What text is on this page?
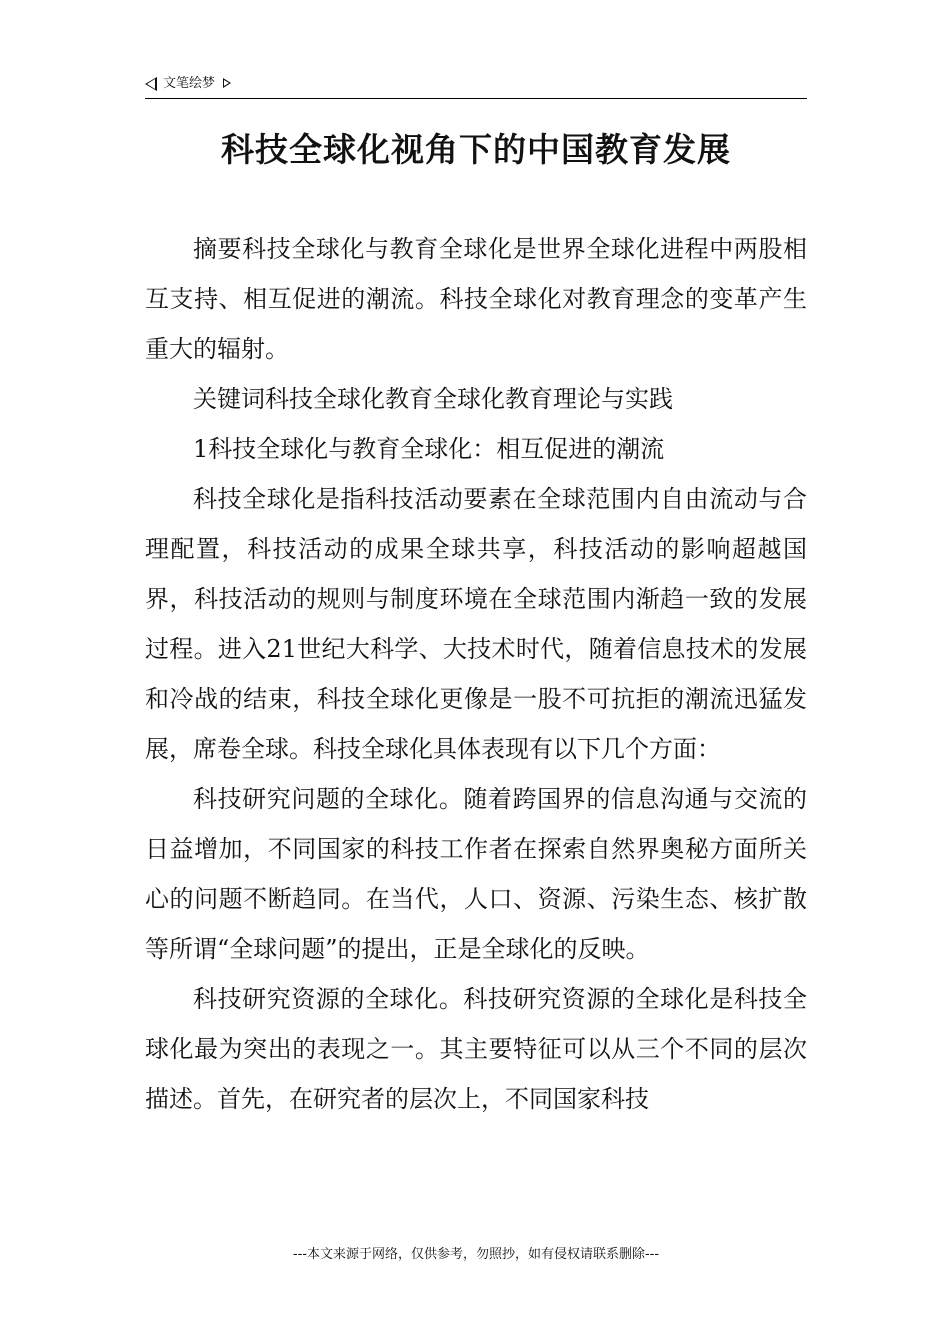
文笔绘梦
科技全球化视角下的中国教育发展

摘要科技全球化与教育全球化是世界全球化进程中两股相互支持、相互促进的潮流。科技全球化对教育理念的变革产生重大的辐射。

关键词科技全球化教育全球化教育理论与实践

1科技全球化与教育全球化：相互促进的潮流

科技全球化是指科技活动要素在全球范围内自由流动与合理配置，科技活动的成果全球共享，科技活动的影响超越国界，科技活动的规则与制度环境在全球范围内渐趋一致的发展过程。进入21世纪大科学、大技术时代，随着信息技术的发展和冷战的结束，科技全球化更像是一股不可抗拒的潮流迅猛发展，席卷全球。科技全球化具体表现有以下几个方面：

科技研究问题的全球化。随着跨国界的信息沟通与交流的日益增加，不同国家的科技工作者在探索自然界奥秘方面所关心的问题不断趋同。在当代，人口、资源、污染生态、核扩散等所谓“全球问题”的提出，正是全球化的反映。

科技研究资源的全球化。科技研究资源的全球化是科技全球化最为突出的表现之一。其主要特征可以从三个不同的层次描述。首先，在研究者的层次上，不同国家科技

---本文来源于网络，仅供参考，勿照抄，如有侵权请联系删除---
